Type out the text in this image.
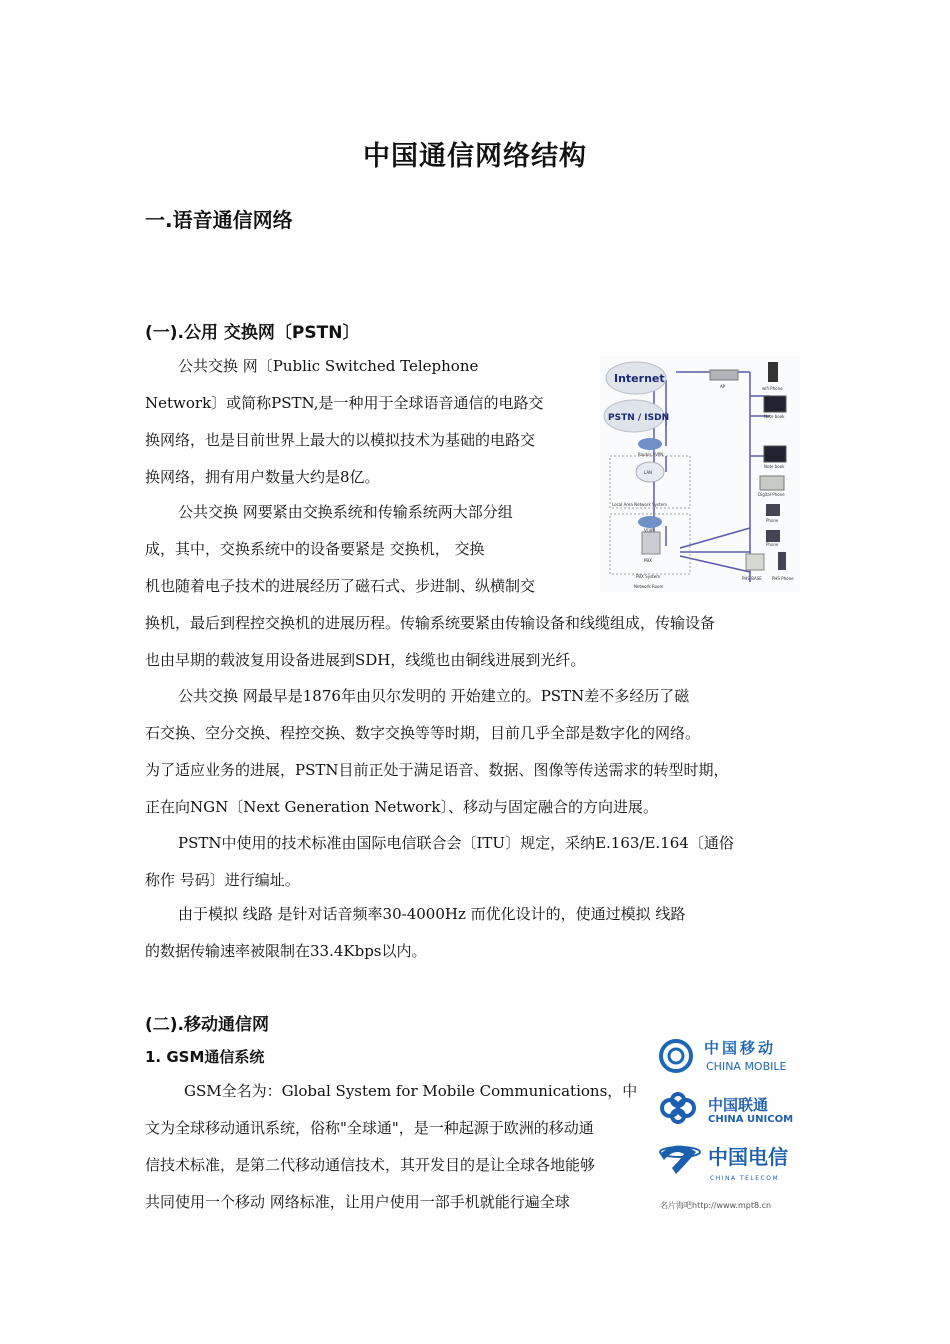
中国通信网络结构
一.语音通信网络
(一).公用 交换网〔PSTN〕
公共交换 网〔Public Switched Telephone
Network〕或简称PSTN,是一种用于全球语音通信的电路交
换网络，也是目前世界上最大的以模拟技术为基础的电路交
换网络，拥有用户数量大约是8亿。
公共交换 网要紧由交换系统和传输系统两大部分组
成，其中，交换系统中的设备要紧是 交换机， 交换
机也随着电子技术的进展经历了磁石式、步进制、纵横制交
换机，最后到程控交换机的进展历程。传输系统要紧由传输设备和线缆组成，传输设备
也由早期的载波复用设备进展到SDH，线缆也由铜线进展到光纤。
公共交换 网最早是1876年由贝尔发明的 开始建立的。PSTN差不多经历了磁
石交换、空分交换、程控交换、数字交换等等时期，目前几乎全部是数字化的网络。
为了适应业务的进展，PSTN目前正处于满足语音、数据、图像等传送需求的转型时期，
正在向NGN〔Next Generation Network〕、移动与固定融合的方向进展。
PSTN中使用的技术标准由国际电信联合会〔ITU〕规定，采纳E.163/E.164〔通俗
称作 号码〕进行编址。
由于模拟 线路 是针对话音频率30-4000Hz 而优化设计的，使通过模拟 线路
的数据传输速率被限制在33.4Kbps以内。
(二).移动通信网
1. GSM通信系统
GSM全名为：Global System for Mobile Communications，中
文为全球移动通讯系统，俗称"全球通"，是一种起源于欧洲的移动通
信技术标准，是第二代移动通信技术，其开发目的是让全球各地能够
共同使用一个移动 网络标准，让用户使用一部手机就能行遍全球
Internet
PSTN / ISDN
Router / VPN
LAN
Local Area Network System
VOIP
PBX
PBX System
Network Room
AP	wifi Phone
Note book
Note book
Digital Phone
Phone
Phone
PHS BASE	PHS Phone
中国移动
CHINA MOBILE
中国联通
CHINA UNICOM
中国电信
CHINA TELECOM
名片海吧http://www.mpt8.cn
